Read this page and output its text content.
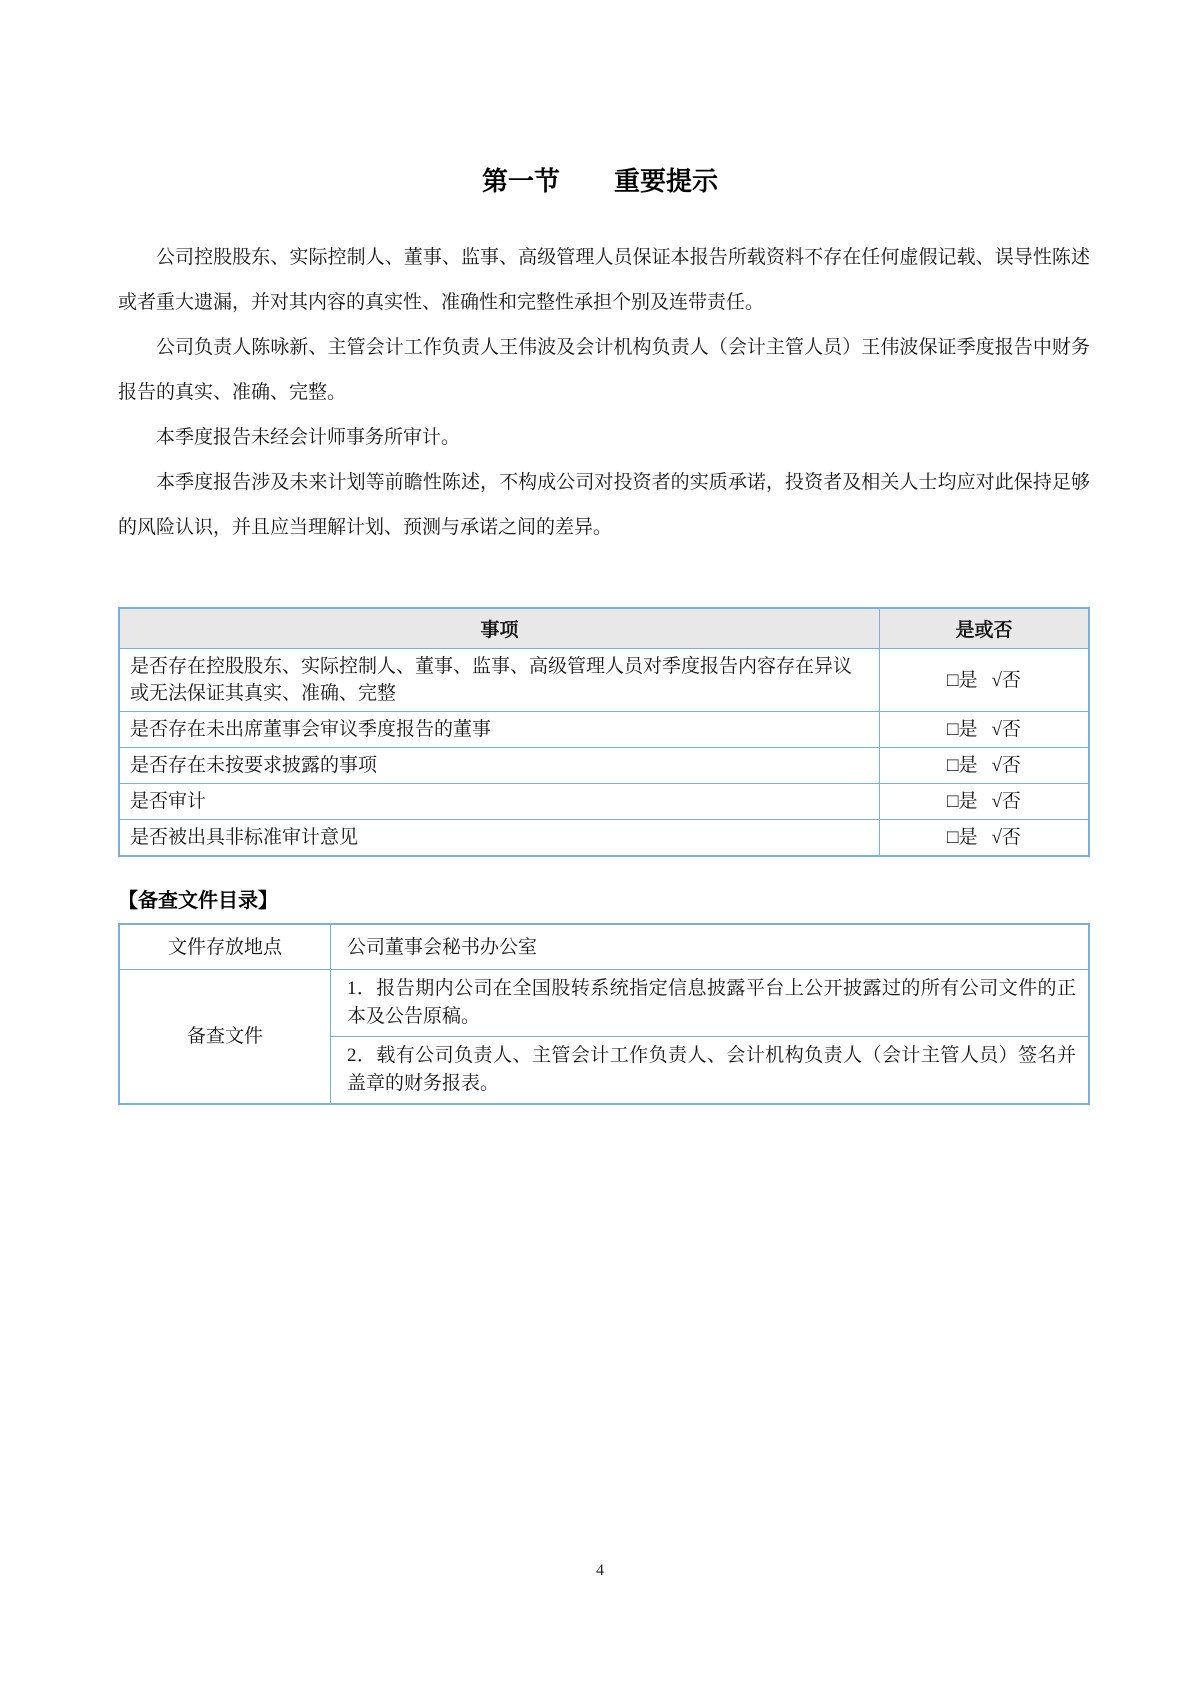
第一节 重要提示

公司控股股东、实际控制人、董事、监事、高级管理人员保证本报告所载资料不存在任何虚假记载、误导性陈述或者重大遗漏，并对其内容的真实性、准确性和完整性承担个别及连带责任。

公司负责人陈咏新、主管会计工作负责人王伟波及会计机构负责人（会计主管人员）王伟波保证季度报告中财务报告的真实、准确、完整。

本季度报告未经会计师事务所审计。

本季度报告涉及未来计划等前瞻性陈述，不构成公司对投资者的实质承诺，投资者及相关人士均应对此保持足够的风险认识，并且应当理解计划、预测与承诺之间的差异。

事项	是或否
是否存在控股股东、实际控制人、董事、监事、高级管理人员对季度报告内容存在异议或无法保证其真实、准确、完整	□是 √否
是否存在未出席董事会审议季度报告的董事	□是 √否
是否存在未按要求披露的事项	□是 √否
是否审计	□是 √否
是否被出具非标准审计意见	□是 √否
【备查文件目录】
文件存放地点	公司董事会秘书办公室
备查文件	1．报告期内公司在全国股转系统指定信息披露平台上公开披露过的所有公司文件的正本及公告原稿。
	2．载有公司负责人、主管会计工作负责人、会计机构负责人（会计主管人员）签名并盖章的财务报表。
4
